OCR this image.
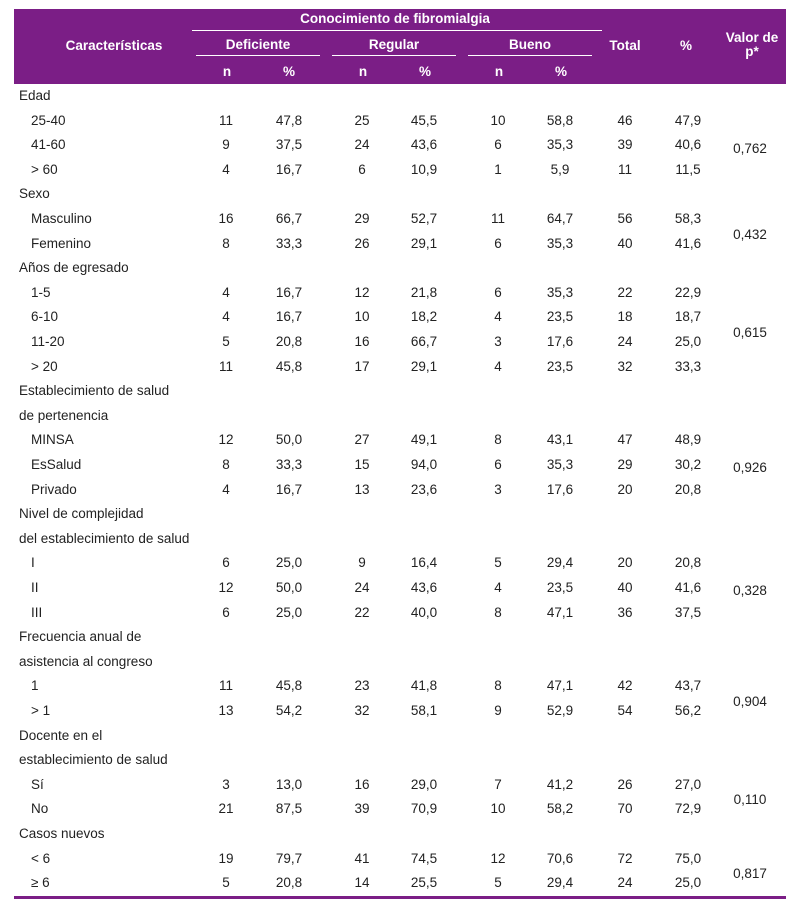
Características
Conocimiento de fibromialgia
Deficiente	Regular	Bueno	Total	%
Valor de p*
n	%	n	%	n	%
Edad
25-40	11	47,8	25	45,5	10	58,8	46	47,9
41-60	9	37,5	24	43,6	6	35,3	39	40,6
> 60	4	16,7	6	10,9	1	5,9	11	11,5
0,762
Sexo
Masculino	16	66,7	29	52,7	11	64,7	56	58,3
Femenino	8	33,3	26	29,1	6	35,3	40	41,6
0,432
Años de egresado
1-5	4	16,7	12	21,8	6	35,3	22	22,9
6-10	4	16,7	10	18,2	4	23,5	18	18,7
11-20	5	20,8	16	66,7	3	17,6	24	25,0
> 20	11	45,8	17	29,1	4	23,5	32	33,3
0,615
Establecimiento de salud
de pertenencia
MINSA	12	50,0	27	49,1	8	43,1	47	48,9
EsSalud	8	33,3	15	94,0	6	35,3	29	30,2
Privado	4	16,7	13	23,6	3	17,6	20	20,8
0,926
Nivel de complejidad
del establecimiento de salud
I	6	25,0	9	16,4	5	29,4	20	20,8
II	12	50,0	24	43,6	4	23,5	40	41,6
III	6	25,0	22	40,0	8	47,1	36	37,5
0,328
Frecuencia anual de
asistencia al congreso
1	11	45,8	23	41,8	8	47,1	42	43,7
> 1	13	54,2	32	58,1	9	52,9	54	56,2
0,904
Docente en el
establecimiento de salud
Sí	3	13,0	16	29,0	7	41,2	26	27,0
No	21	87,5	39	70,9	10	58,2	70	72,9
0,110
Casos nuevos
< 6	19	79,7	41	74,5	12	70,6	72	75,0
≥ 6	5	20,8	14	25,5	5	29,4	24	25,0
0,817
